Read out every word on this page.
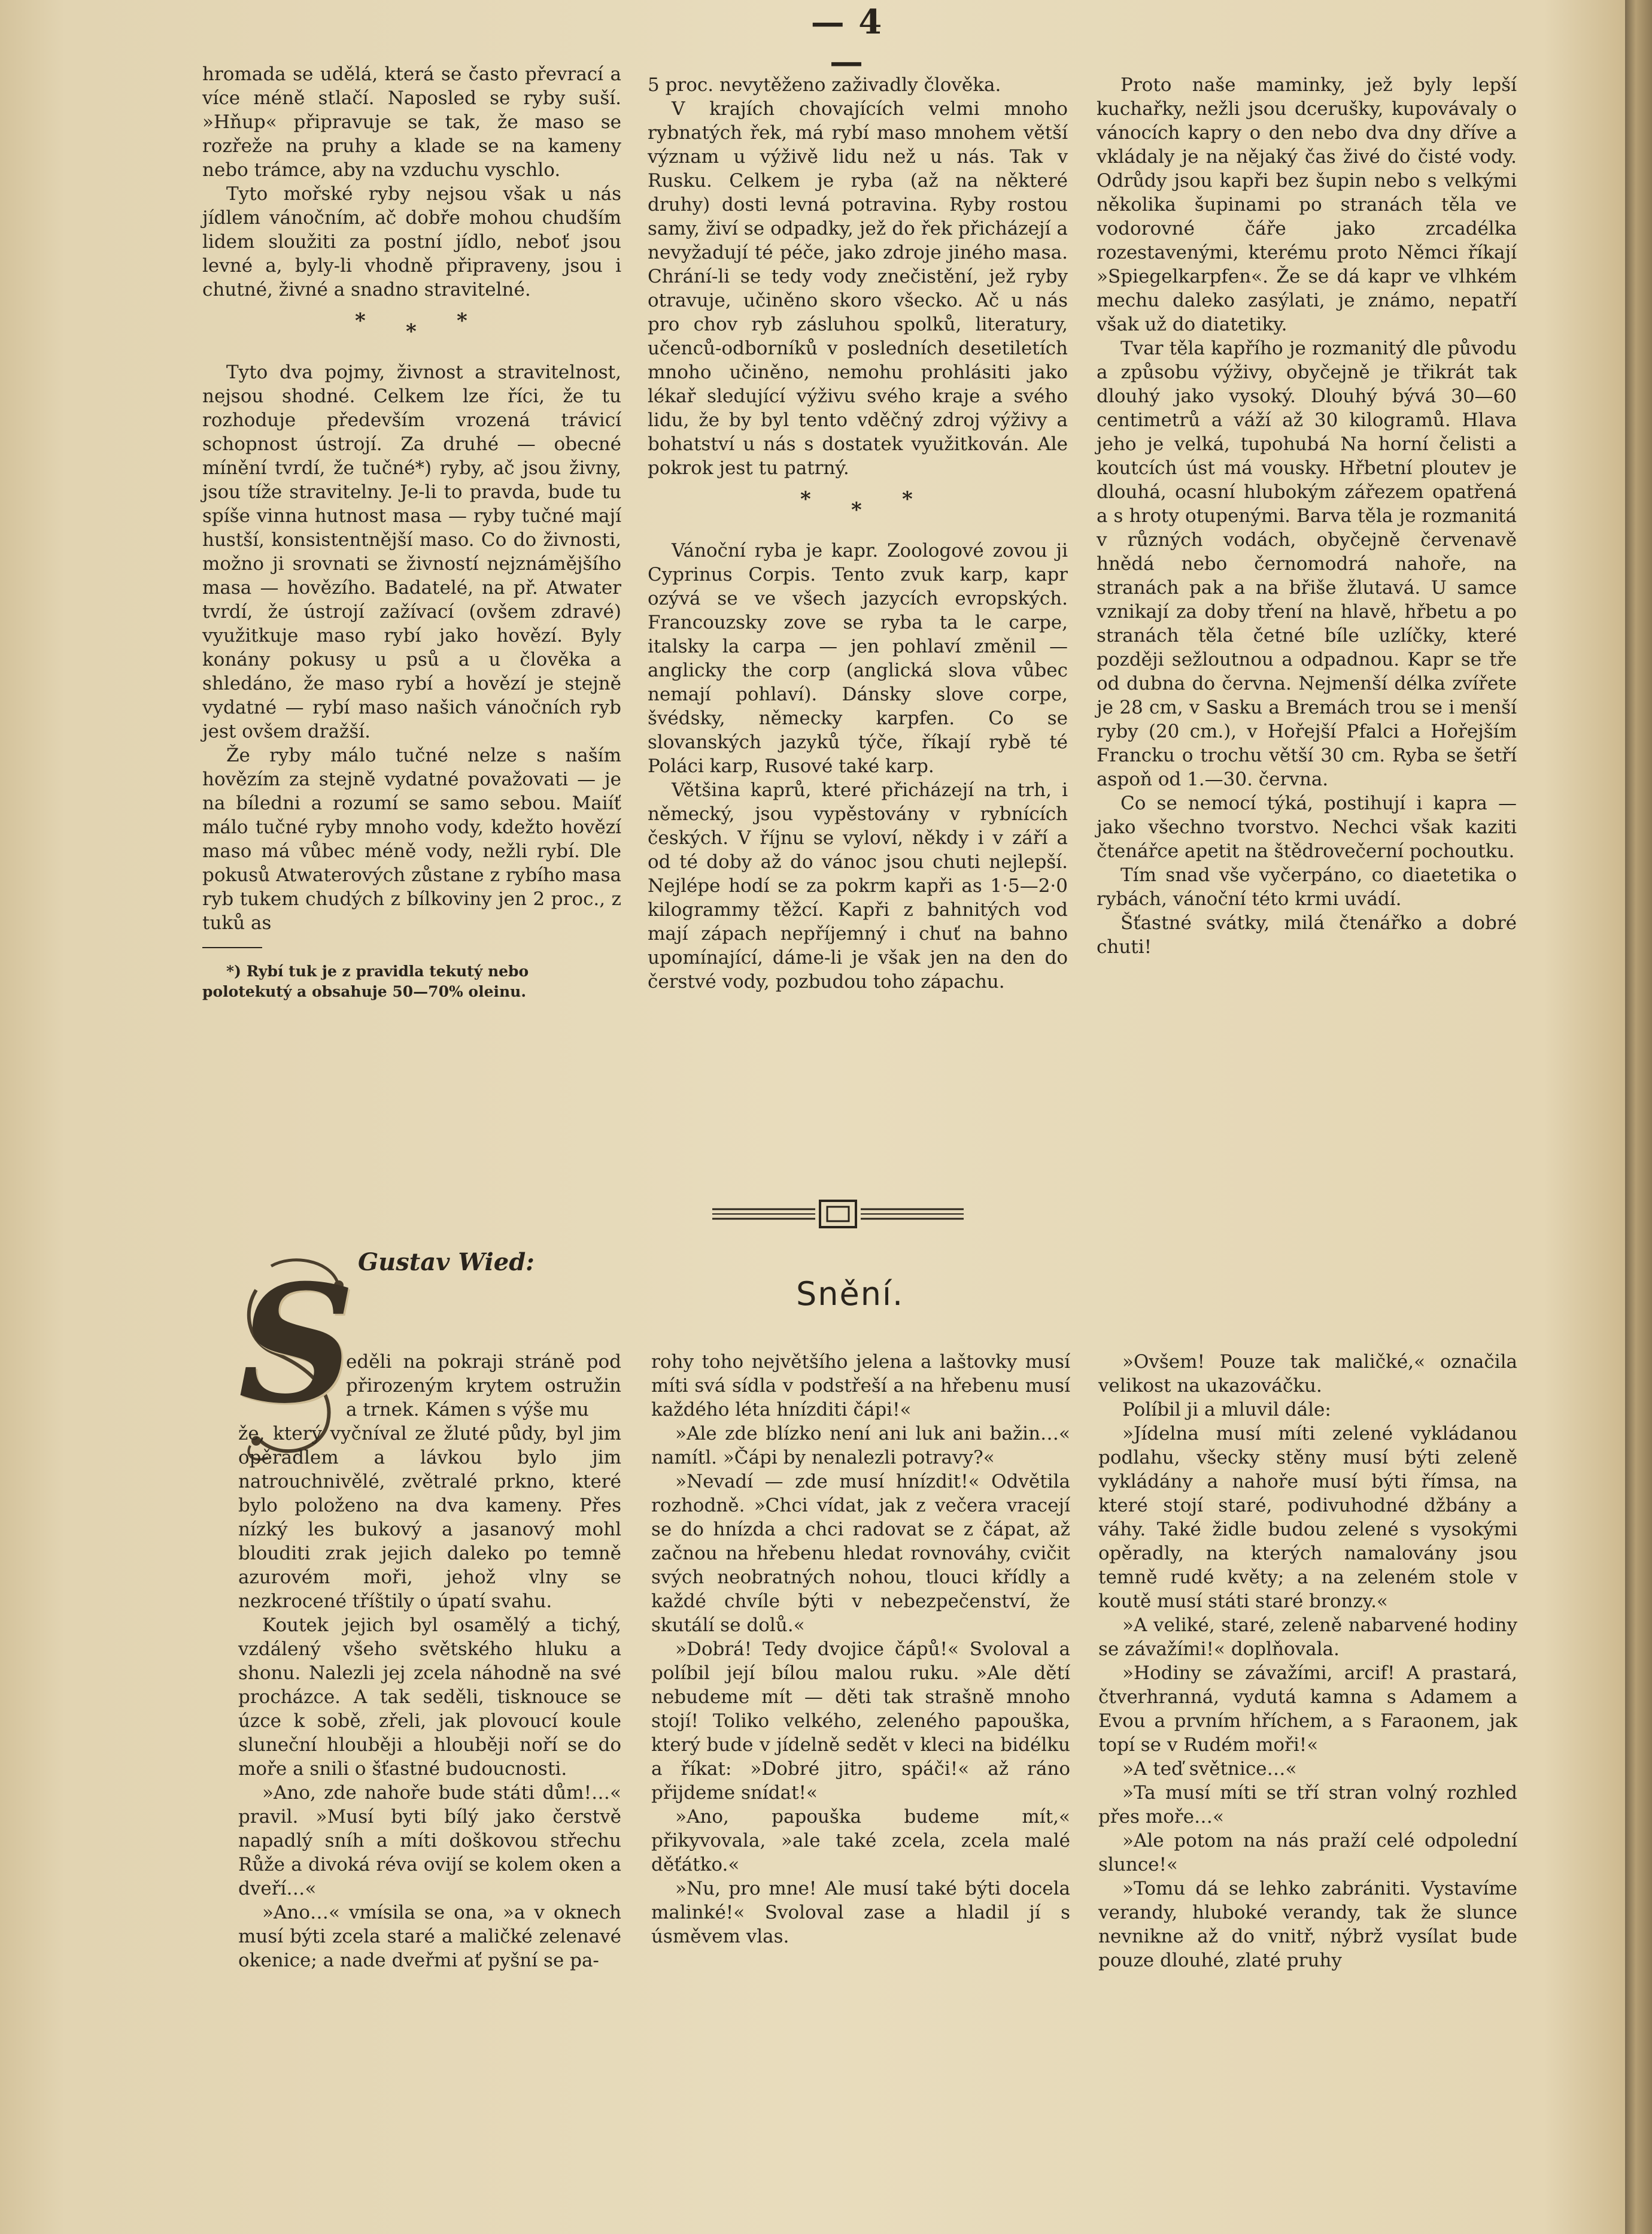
— 4 —

hromada se udělá, která se často převrací a více méně stlačí. Naposled se ryby suší. »Hňup« připravuje se tak, že maso se rozřeže na pruhy a klade se na kameny nebo trámce, aby na vzduchu vyschlo.

Tyto mořské ryby nejsou však u nás jídlem vánočním, ač dobře mohou chudším lidem sloužiti za postní jídlo, neboť jsou levné a, byly-li vhodně připraveny, jsou i chutné, živné a snadno stravitelné.

* * *

Tyto dva pojmy, živnost a stravitelnost, nejsou shodné. Celkem lze říci, že tu rozhoduje především vrozená trávicí schopnost ústrojí. Za druhé — obecné mínění tvrdí, že tučné*) ryby, ač jsou živny, jsou tíže stravitelny. Je-li to pravda, bude tu spíše vinna hutnost masa — ryby tučné mají hustší, konsistentnější maso. Co do živnosti, možno ji srovnati se živností nejznámějšího masa — hovězího. Badatelé, na př. Atwater tvrdí, že ústrojí zažívací (ovšem zdravé) využitkuje maso rybí jako hovězí. Byly konány pokusy u psů a u člověka a shledáno, že maso rybí a hovězí je stejně vydatné — rybí maso našich vánočních ryb jest ovšem dražší.

Že ryby málo tučné nelze s naším hovězím za stejně vydatné považovati — je na bíledni a rozumí se samo sebou. Maiíť málo tučné ryby mnoho vody, kdežto hovězí maso má vůbec méně vody, nežli rybí. Dle pokusů Atwaterových zůstane z rybího masa ryb tukem chudých z bílkoviny jen 2 proc., z tuků as

*) Rybí tuk je z pravidla tekutý nebo polotekutý a obsahuje 50—70% oleinu.

5 proc. nevytěženo zaživadly člověka.

V krajích chovajících velmi mnoho rybnatých řek, má rybí maso mnohem větší význam u výživě lidu než u nás. Tak v Rusku. Celkem je ryba (až na některé druhy) dosti levná potravina. Ryby rostou samy, živí se odpadky, jež do řek přicházejí a nevyžadují té péče, jako zdroje jiného masa. Chrání-li se tedy vody znečistění, jež ryby otravuje, učiněno skoro všecko. Ač u nás pro chov ryb zásluhou spolků, literatury, učenců-odborníků v posledních desetiletích mnoho učiněno, nemohu prohlásiti jako lékař sledující výživu svého kraje a svého lidu, že by byl tento vděčný zdroj výživy a bohatství u nás s dostatek využitkován. Ale pokrok jest tu patrný.

* * *

Vánoční ryba je kapr. Zoologové zovou ji Cyprinus Corpis. Tento zvuk karp, kapr ozývá se ve všech jazycích evropských. Francouzsky zove se ryba ta le carpe, italsky la carpa — jen pohlaví změnil — anglicky the corp (anglická slova vůbec nemají pohlaví). Dánsky slove corpe, švédsky, německy karpfen. Co se slovanských jazyků týče, říkají rybě té Poláci karp, Rusové také karp.

Většina kaprů, které přicházejí na trh, i německý, jsou vypěstovány v rybnících českých. V říjnu se vyloví, někdy i v září a od té doby až do vánoc jsou chuti nejlepší. Nejlépe hodí se za pokrm kapři as 1·5—2·0 kilogrammy těžcí. Kapři z bahnitých vod mají zápach nepříjemný i chuť na bahno upomínající, dáme-li je však jen na den do čerstvé vody, pozbudou toho zápachu.

Proto naše maminky, jež byly lepší kuchařky, nežli jsou dcerušky, kupovávaly o vánocích kapry o den nebo dva dny dříve a vkládaly je na nějaký čas živé do čisté vody. Odrůdy jsou kapři bez šupin nebo s velkými několika šupinami po stranách těla ve vodorovné čáře jako zrcadélka rozestavenými, kterému proto Němci říkají »Spiegelkarpfen«. Že se dá kapr ve vlhkém mechu daleko zasýlati, je známo, nepatří však už do diatetiky.

Tvar těla kapřího je rozmanitý dle původu a způsobu výživy, obyčejně je třikrát tak dlouhý jako vysoký. Dlouhý bývá 30—60 centimetrů a váží až 30 kilogramů. Hlava jeho je velká, tupohubá Na horní čelisti a koutcích úst má vousky. Hřbetní ploutev je dlouhá, ocasní hlubokým zářezem opatřená a s hroty otupenými. Barva těla je rozmanitá v různých vodách, obyčejně červenavě hnědá nebo černomodrá nahoře, na stranách pak a na břiše žlutavá. U samce vznikají za doby tření na hlavě, hřbetu a po stranách těla četné bíle uzlíčky, které později sežloutnou a odpadnou. Kapr se tře od dubna do června. Nejmenší délka zvířete je 28 cm, v Sasku a Bremách trou se i menší ryby (20 cm.), v Hořejší Pfalci a Hořejším Francku o trochu větší 30 cm. Ryba se šetří aspoň od 1.—30. června.

Co se nemocí týká, postihují i kapra — jako všechno tvorstvo. Nechci však kaziti čtenářce apetit na štědrovečerní pochoutku.

Tím snad vše vyčerpáno, co diaetetika o rybách, vánoční této krmi uvádí.

Šťastné svátky, milá čtenářko a dobré chuti!

Gustav Wied:
Snění.
S

eděli na pokraji stráně pod přirozeným krytem ostružin a trnek. Kámen s výše mu

že, který vyčníval ze žluté půdy, byl jim opěradlem a lávkou bylo jim natrouchnivělé, zvětralé prkno, které bylo položeno na dva kameny. Přes nízký les bukový a jasanový mohl blouditi zrak jejich daleko po temně azurovém moři, jehož vlny se nezkrocené tříštily o úpatí svahu.

Koutek jejich byl osamělý a tichý, vzdálený všeho světského hluku a shonu. Nalezli jej zcela náhodně na své procházce. A tak seděli, tisknouce se úzce k sobě, zřeli, jak plovoucí koule sluneční hlouběji a hlouběji noří se do moře a snili o šťastné budoucnosti.

»Ano, zde nahoře bude státi dům!…« pravil. »Musí byti bílý jako čerstvě napadlý sníh a míti doškovou střechu Růže a divoká réva ovijí se kolem oken a dveří…«

»Ano…« vmísila se ona, »a v oknech musí býti zcela staré a maličké zelenavé okenice; a nade dveřmi ať pyšní se pa-

rohy toho největšího jelena a laštovky musí míti svá sídla v podstřeší a na hřebenu musí každého léta hnízditi čápi!«

»Ale zde blízko není ani luk ani bažin…« namítl. »Čápi by nenalezli potravy?«

»Nevadí — zde musí hnízdit!« Odvětila rozhodně. »Chci vídat, jak z večera vracejí se do hnízda a chci radovat se z čápat, až začnou na hřebenu hledat rovnováhy, cvičit svých neobratných nohou, tlouci křídly a každé chvíle býti v nebezpečenství, že skutálí se dolů.«

»Dobrá! Tedy dvojice čápů!« Svoloval a políbil její bílou malou ruku. »Ale dětí nebudeme mít — děti tak strašně mnoho stojí! Toliko velkého, zeleného papouška, který bude v jídelně sedět v kleci na bidélku a říkat: »Dobré jitro, spáči!« až ráno přijdeme snídat!«

»Ano, papouška budeme mít,« přikyvovala, »ale také zcela, zcela malé děťátko.«

»Nu, pro mne! Ale musí také býti docela malinké!« Svoloval zase a hladil jí s úsměvem vlas.

»Ovšem! Pouze tak maličké,« označila velikost na ukazováčku.

Políbil ji a mluvil dále:

»Jídelna musí míti zelené vykládanou podlahu, všecky stěny musí býti zeleně vykládány a nahoře musí býti římsa, na které stojí staré, podivuhodné džbány a váhy. Také židle budou zelené s vysokými opěradly, na kterých namalovány jsou temně rudé květy; a na zeleném stole v koutě musí státi staré bronzy.«

»A veliké, staré, zeleně nabarvené hodiny se závažími!« doplňovala.

»Hodiny se závažími, arcif! A prastará, čtverhranná, vydutá kamna s Adamem a Evou a prvním hříchem, a s Faraonem, jak topí se v Rudém moři!«

»A teď světnice…«

»Ta musí míti se tří stran volný rozhled přes moře…«

»Ale potom na nás praží celé odpolední slunce!«

»Tomu dá se lehko zabrániti. Vystavíme verandy, hluboké verandy, tak že slunce nevnikne až do vnitř, nýbrž vysílat bude pouze dlouhé, zlaté pruhy
